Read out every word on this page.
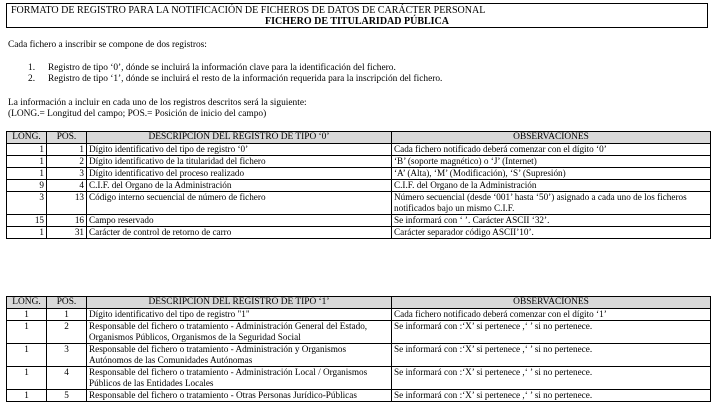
FORMATO DE REGISTRO PARA LA NOTIFICACIÓN DE FICHEROS DE DATOS DE CARÁCTER PERSONAL
FICHERO DE TITULARIDAD PÚBLICA
Cada fichero a inscribir se compone de dos registros:
1. Registro de tipo ‘0’, dónde se incluirá la información clave para la identificación del fichero.
2. Registro de tipo ‘1’, dónde se incluirá el resto de la información requerida para la inscripción del fichero.
La información a incluir en cada uno de los registros descritos será la siguiente:
(LONG.= Longitud del campo; POS.= Posición de inicio del campo)
LONG.	POS.	DESCRIPCIÓN DEL REGISTRO DE TIPO ‘0’	OBSERVACIONES
1	1	Dígito identificativo del tipo de registro ‘0’	Cada fichero notificado deberá comenzar con el dígito ‘0’
1	2	Dígito identificativo de la titularidad del fichero	‘B’ (soporte magnético) o ‘J’ (Internet)
1	3	Dígito identificativo del proceso realizado	‘A’ (Alta), ‘M’ (Modificación), ‘S’ (Supresión)
9	4	C.I.F. del Organo de la Administración	C.I.F. del Organo de la Administración
3	13	Código interno secuencial de número de fichero	Número secuencial (desde ‘001’ hasta ‘50’) asignado a cada uno de los ficheros notificados bajo un mismo C.I.F.
15	16	Campo reservado	Se informará con ‘ ’. Carácter ASCII ‘32’.
1	31	Carácter de control de retorno de carro	Carácter separador código ASCII’10’.
LONG.	POS.	DESCRIPCIÓN DEL REGISTRO DE TIPO ‘1’	OBSERVACIONES
1	1	Dígito identificativo del tipo de registro "1"	Cada fichero notificado deberá comenzar con el dígito ‘1’
1	2	Responsable del fichero o tratamiento - Administración General del Estado, Organismos Públicos, Organismos de la Seguridad Social	Se informará con :‘X’ si pertenece ,‘ ’ si no pertenece.
1	3	Responsable del fichero o tratamiento - Administración y Organismos Autónomos de las Comunidades Autónomas	Se informará con :‘X’ si pertenece ,‘ ’ si no pertenece.
1	4	Responsable del fichero o tratamiento - Administración Local / Organismos Públicos de las Entidades Locales	Se informará con :‘X’ si pertenece ,‘ ’ si no pertenece.
1	5	Responsable del fichero o tratamiento - Otras Personas Jurídico-Públicas	Se informará con :‘X’ si pertenece ,‘ ’ si no pertenece.
